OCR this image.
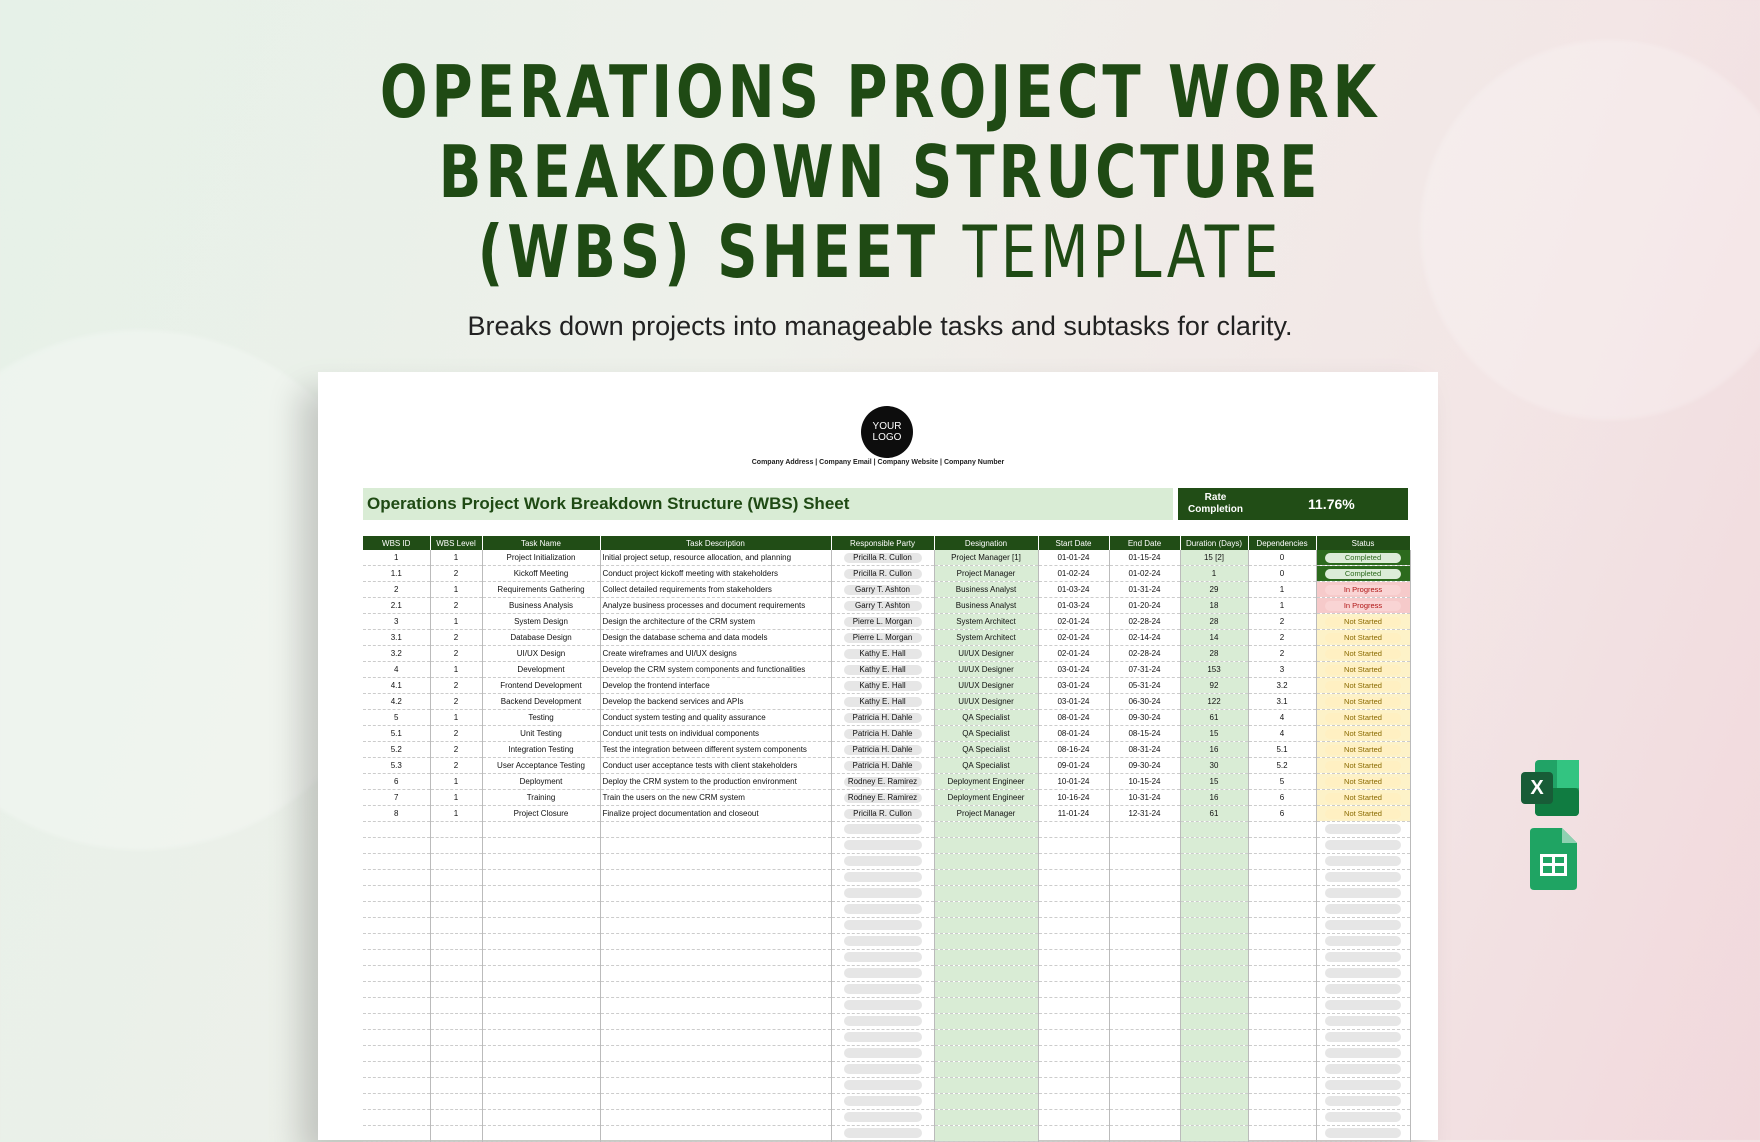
OPERATIONS PROJECT WORK
BREAKDOWN STRUCTURE
(WBS) SHEET TEMPLATE
Breaks down projects into manageable tasks and subtasks for clarity.
YOUR
LOGO
Company Address | Company Email | Company Website | Company Number
Operations Project Work Breakdown Structure (WBS) Sheet	Rate
Completion	11.76%
WBS ID	WBS Level	Task Name	Task Description	Responsible Party	Designation	Start Date	End Date	Duration (Days)	Dependencies	Status
1	1	Project Initialization	Initial project setup, resource allocation, and planning	Pricilla R. Cullon	Project Manager [1]	01-01-24	01-15-24	15 [2]	0	Completed
1.1	2	Kickoff Meeting	Conduct project kickoff meeting with stakeholders	Pricilla R. Cullon	Project Manager	01-02-24	01-02-24	1	0	Completed
2	1	Requirements Gathering	Collect detailed requirements from stakeholders	Garry T. Ashton	Business Analyst	01-03-24	01-31-24	29	1	In Progress
2.1	2	Business Analysis	Analyze business processes and document requirements	Garry T. Ashton	Business Analyst	01-03-24	01-20-24	18	1	In Progress
3	1	System Design	Design the architecture of the CRM system	Pierre L. Morgan	System Architect	02-01-24	02-28-24	28	2	Not Started
3.1	2	Database Design	Design the database schema and data models	Pierre L. Morgan	System Architect	02-01-24	02-14-24	14	2	Not Started
3.2	2	UI/UX Design	Create wireframes and UI/UX designs	Kathy E. Hall	UI/UX Designer	02-01-24	02-28-24	28	2	Not Started
4	1	Development	Develop the CRM system components and functionalities	Kathy E. Hall	UI/UX Designer	03-01-24	07-31-24	153	3	Not Started
4.1	2	Frontend Development	Develop the frontend interface	Kathy E. Hall	UI/UX Designer	03-01-24	05-31-24	92	3.2	Not Started
4.2	2	Backend Development	Develop the backend services and APIs	Kathy E. Hall	UI/UX Designer	03-01-24	06-30-24	122	3.1	Not Started
5	1	Testing	Conduct system testing and quality assurance	Patricia H. Dahle	QA Specialist	08-01-24	09-30-24	61	4	Not Started
5.1	2	Unit Testing	Conduct unit tests on individual components	Patricia H. Dahle	QA Specialist	08-01-24	08-15-24	15	4	Not Started
5.2	2	Integration Testing	Test the integration between different system components	Patricia H. Dahle	QA Specialist	08-16-24	08-31-24	16	5.1	Not Started
5.3	2	User Acceptance Testing	Conduct user acceptance tests with client stakeholders	Patricia H. Dahle	QA Specialist	09-01-24	09-30-24	30	5.2	Not Started
6	1	Deployment	Deploy the CRM system to the production environment	Rodney E. Ramirez	Deployment Engineer	10-01-24	10-15-24	15	5	Not Started
7	1	Training	Train the users on the new CRM system	Rodney E. Ramirez	Deployment Engineer	10-16-24	10-31-24	16	6	Not Started
8	1	Project Closure	Finalize project documentation and closeout	Pricilla R. Cullon	Project Manager	11-01-24	12-31-24	61	6	Not Started

X
